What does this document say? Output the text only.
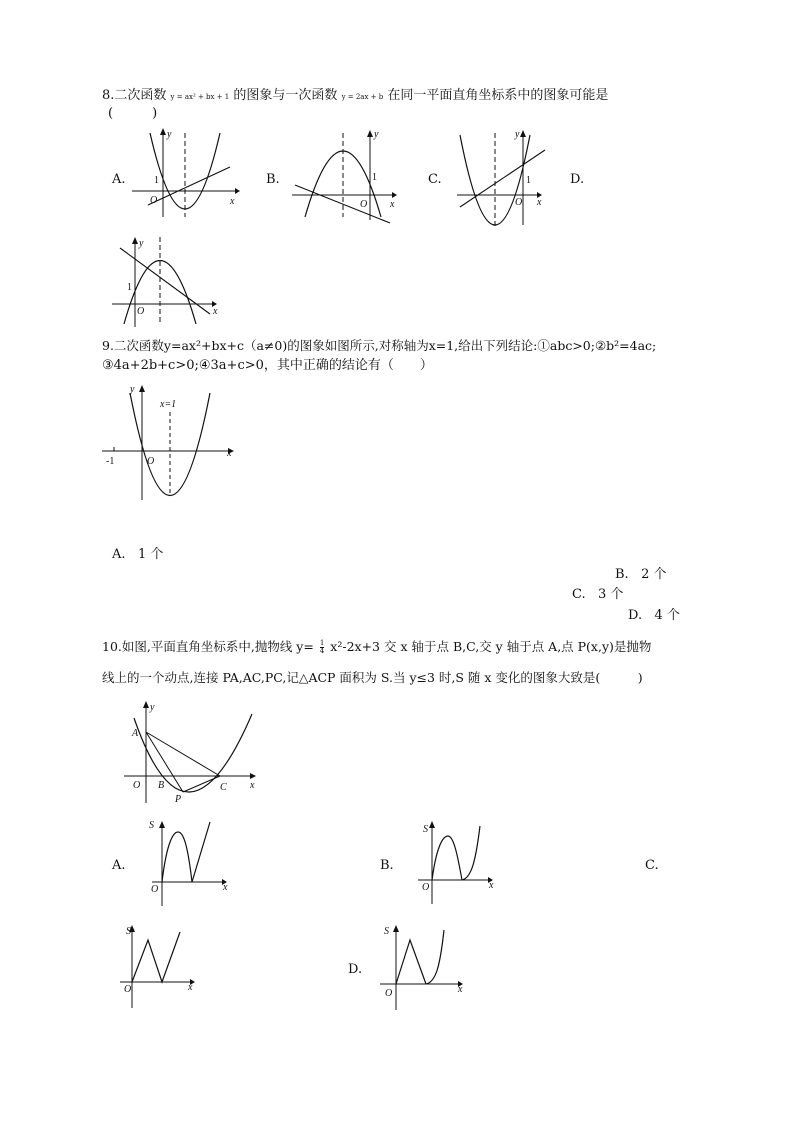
8.二次函数 y = ax² + bx + 1 的图象与一次函数 y = 2ax + b 在同一平面直角坐标系中的图象可能是
(　　　)
A.	B.	C.	D.
y
x
O
1
y
x
O
1
y
x
O
1
y
x
O
1
9.二次函数y=ax²+bx+c（a≠0)的图象如图所示,对称轴为x=1,给出下列结论:①abc>0;②b²=4ac;
③4a+2b+c>0;④3a+c>0，其中正确的结论有（　　）
y
x
O
-1
x=1
A. 1 个
B. 2 个
C. 3 个
D. 4 个
10.如图,平面直角坐标系中,抛物线 $y= \frac{1}{4} x^2-2x+3$ 交 x 轴于点 B,C,交 y 轴于点 A,点 P(x,y)是抛物
线上的一个动点,连接 PA,AC,PC,记△ACP 面积为 S.当 y≤3 时,S 随 x 变化的图象大致是(　　　)
y
x
O
A
B	C
P
A.	B.	C.
D.
S
x
O
S
x
O
S
x
O
S
x
O
